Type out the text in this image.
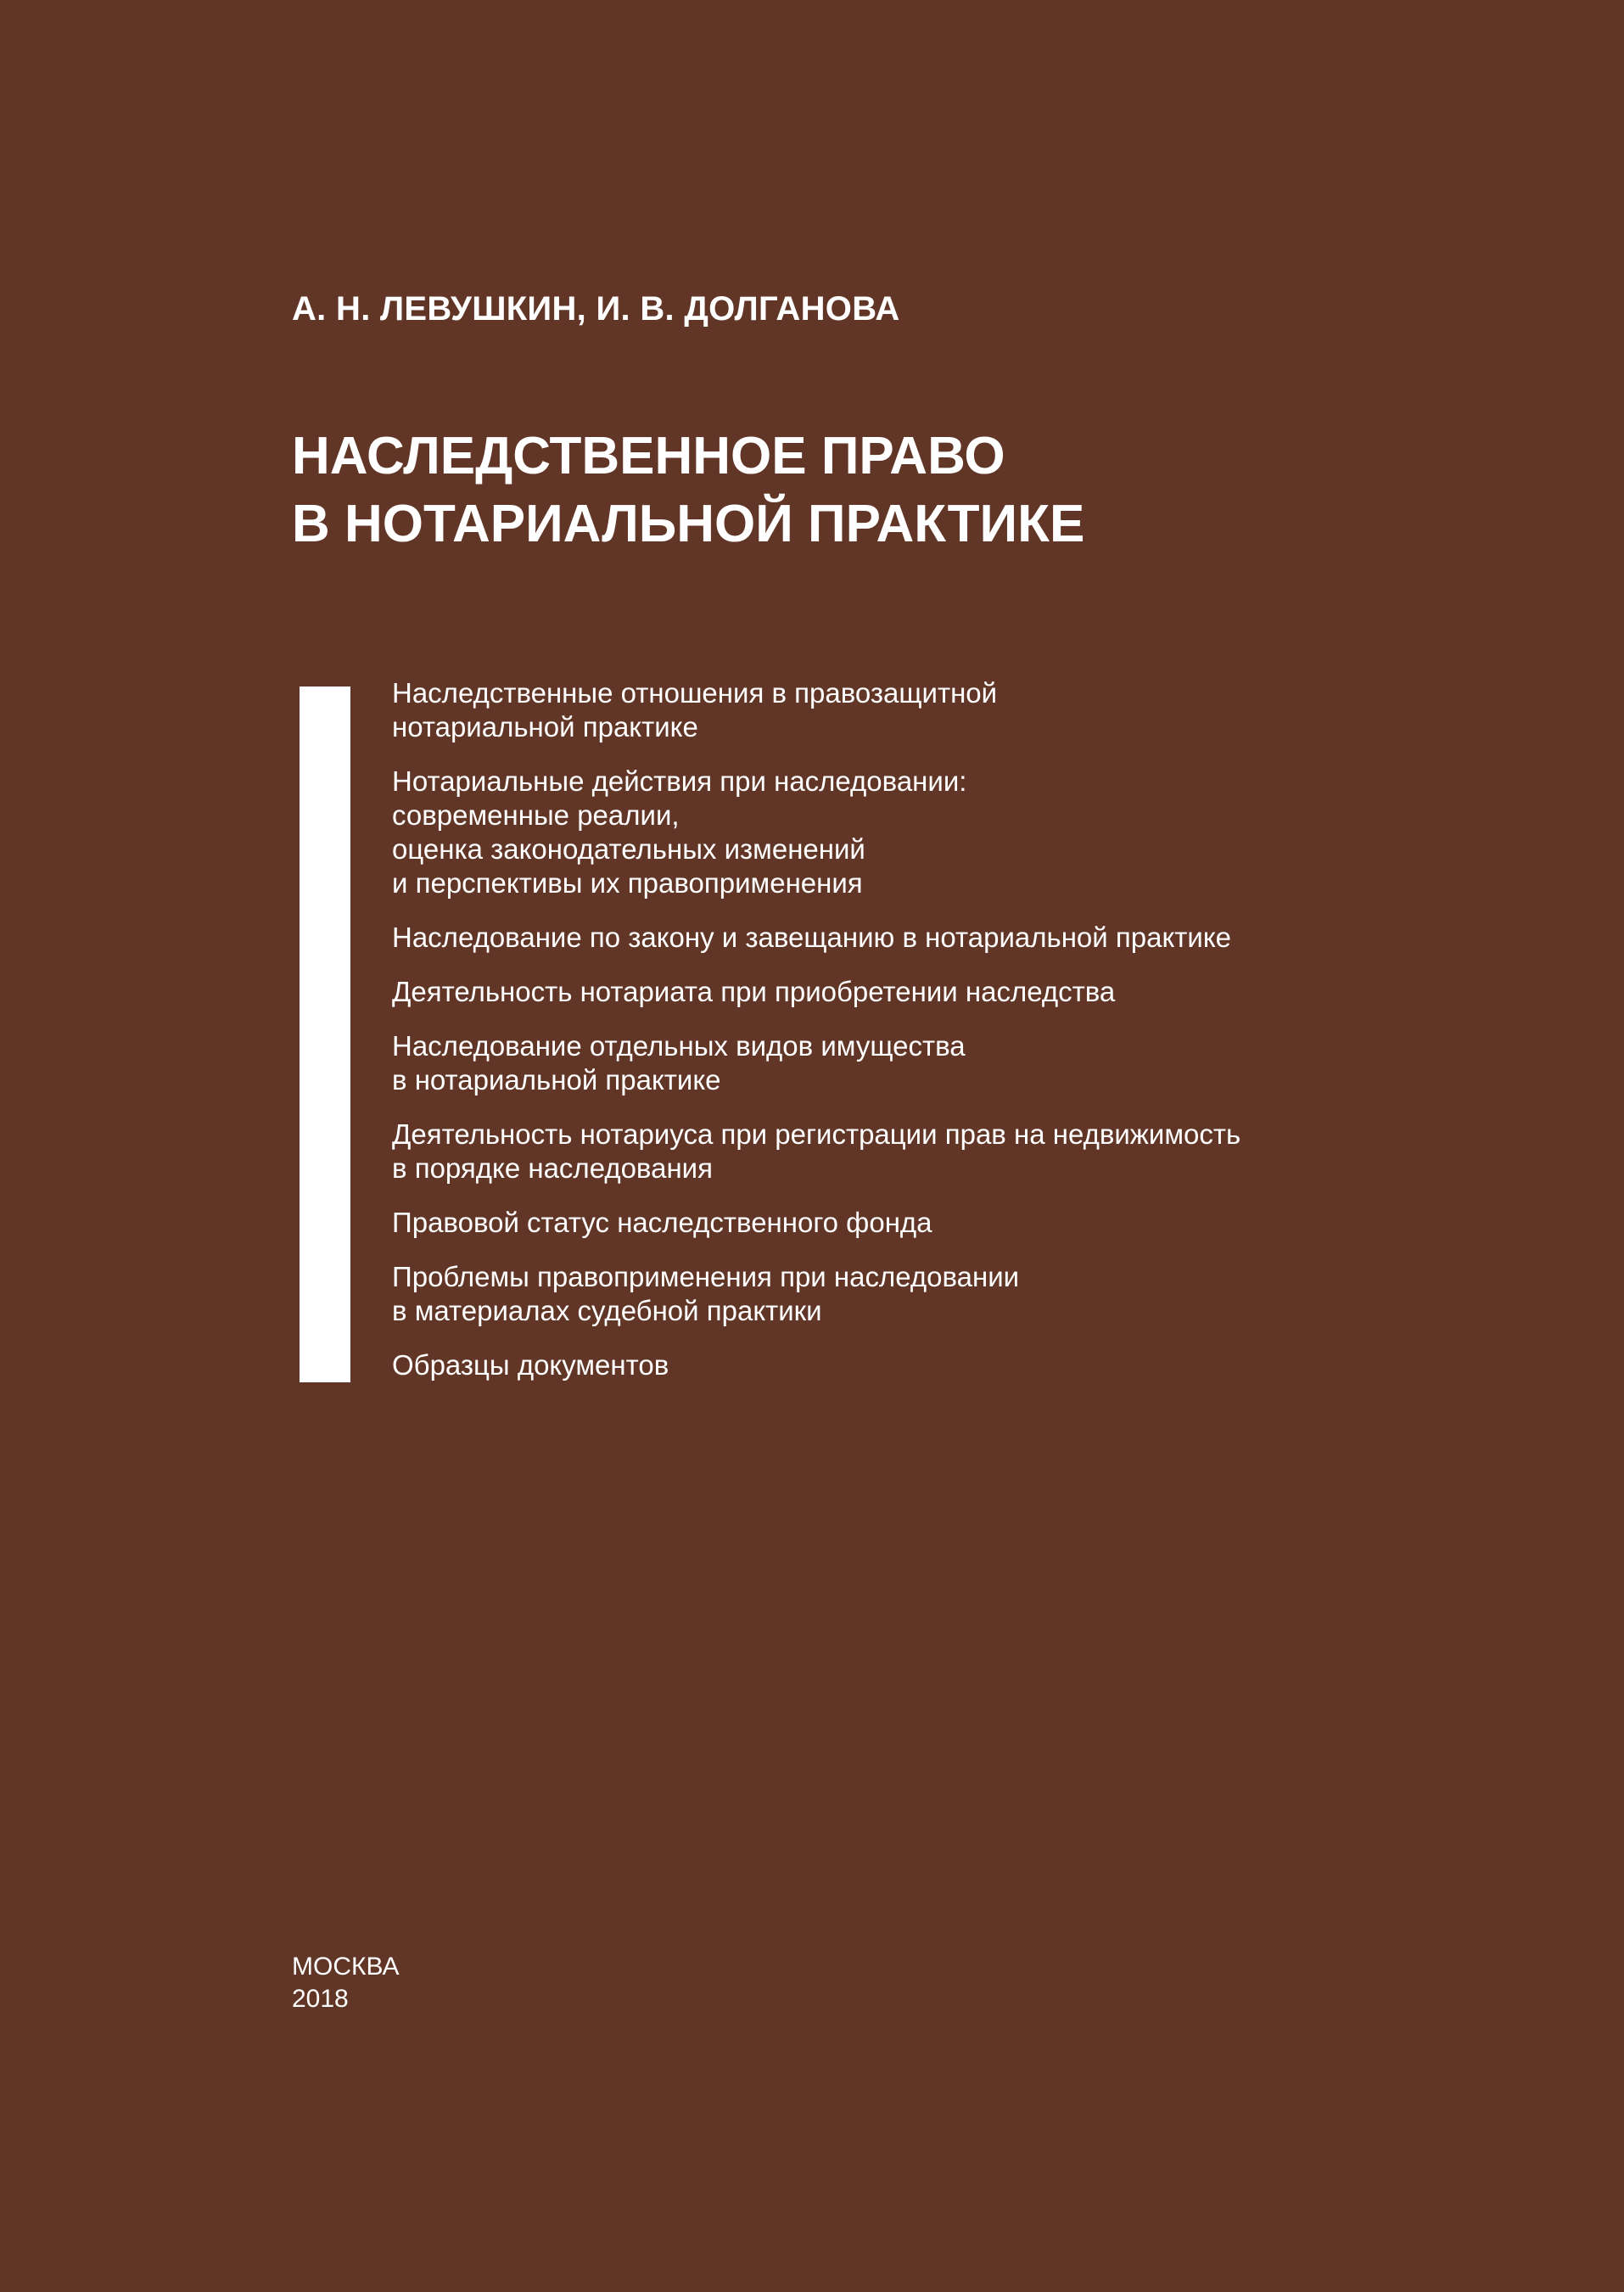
А. Н. ЛЕВУШКИН, И. В. ДОЛГАНОВА
НАСЛЕДСТВЕННОЕ ПРАВО
В НОТАРИАЛЬНОЙ ПРАКТИКЕ
Наследственные отношения в правозащитной
нотариальной практике
Нотариальные действия при наследовании:
современные реалии,
оценка законодательных изменений
и перспективы их правоприменения
Наследование по закону и завещанию в нотариальной практике
Деятельность нотариата при приобретении наследства
Наследование отдельных видов имущества
в нотариальной практике
Деятельность нотариуса при регистрации прав на недвижимость
в порядке наследования
Правовой статус наследственного фонда
Проблемы правоприменения при наследовании
в материалах судебной практики
Образцы документов
МОСКВА
2018
